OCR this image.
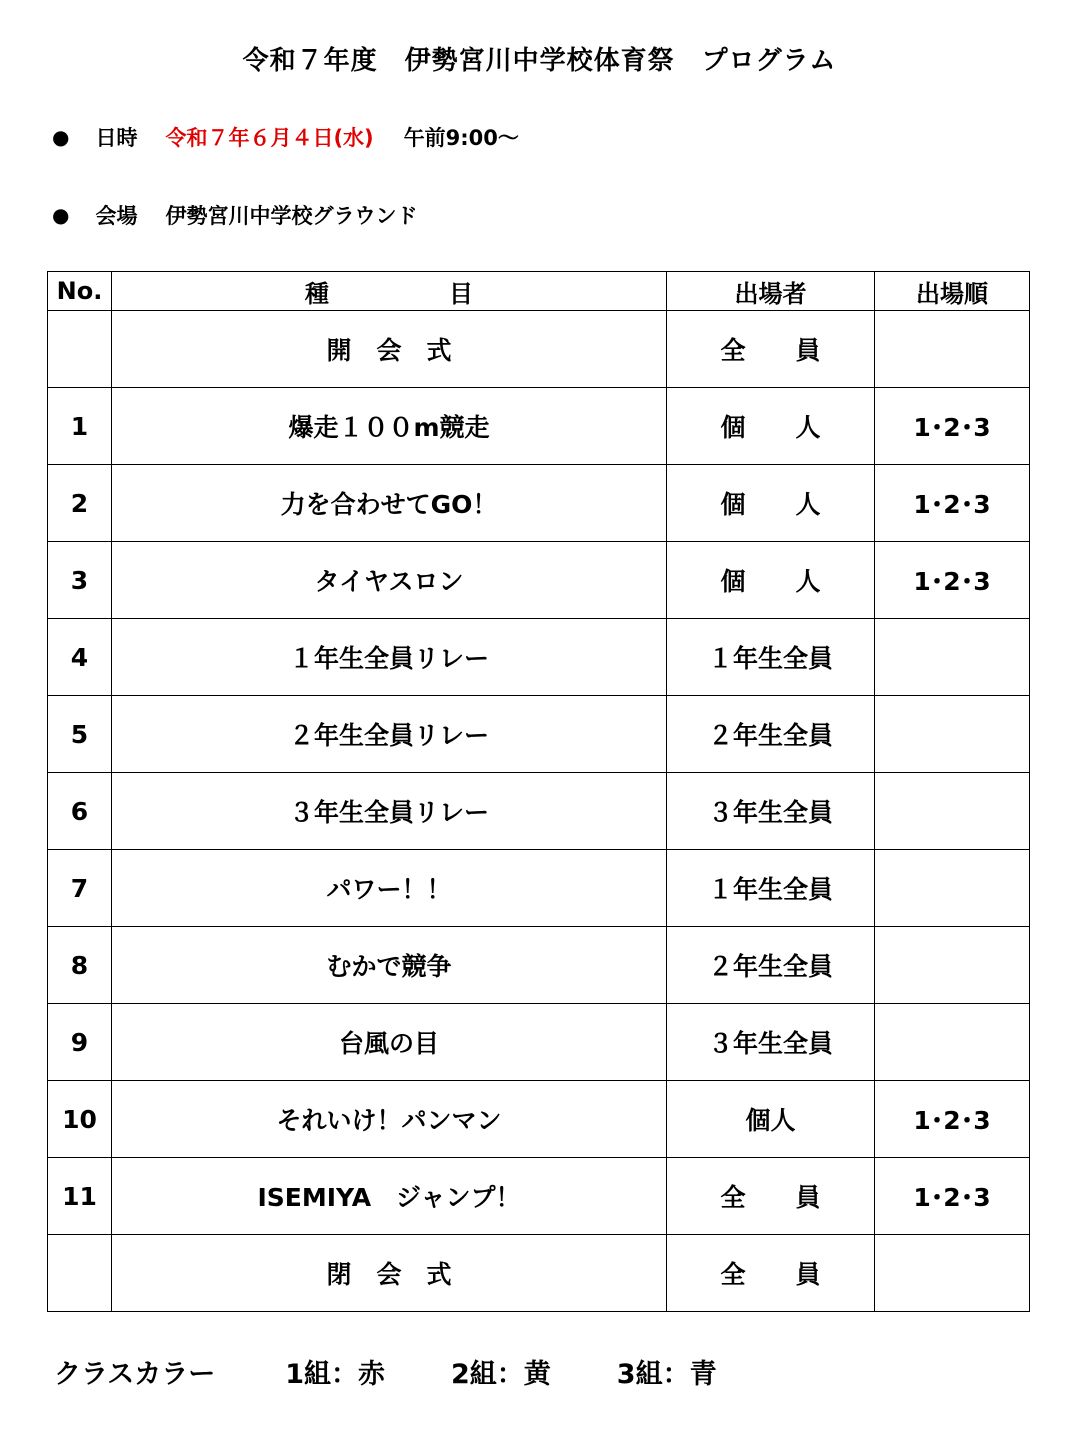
令和７年度　伊勢宮川中学校体育祭　プログラム
● 日時 令和７年６月４日(水) 午前9:00～
● 会場 伊勢宮川中学校グラウンド
No.	種　　　　　目	出場者	出場順
	開　会　式	全　　員	
1	爆走１００m競走	個　　人	1･2･3
2	力を合わせてGO！	個　　人	1･2･3
3	タイヤスロン	個　　人	1･2･3
4	１年生全員リレー	１年生全員	
5	２年生全員リレー	２年生全員	
6	３年生全員リレー	３年生全員	
7	パワー！！	１年生全員	
8	むかで競争	２年生全員	
9	台風の目	３年生全員	
10	それいけ！パンマン	個人	1･2･3
11	ISEMIYA　ジャンプ！	全　　員	1･2･3
	閉　会　式	全　　員	
クラスカラー	1組：赤 2組：黄 3組：青
